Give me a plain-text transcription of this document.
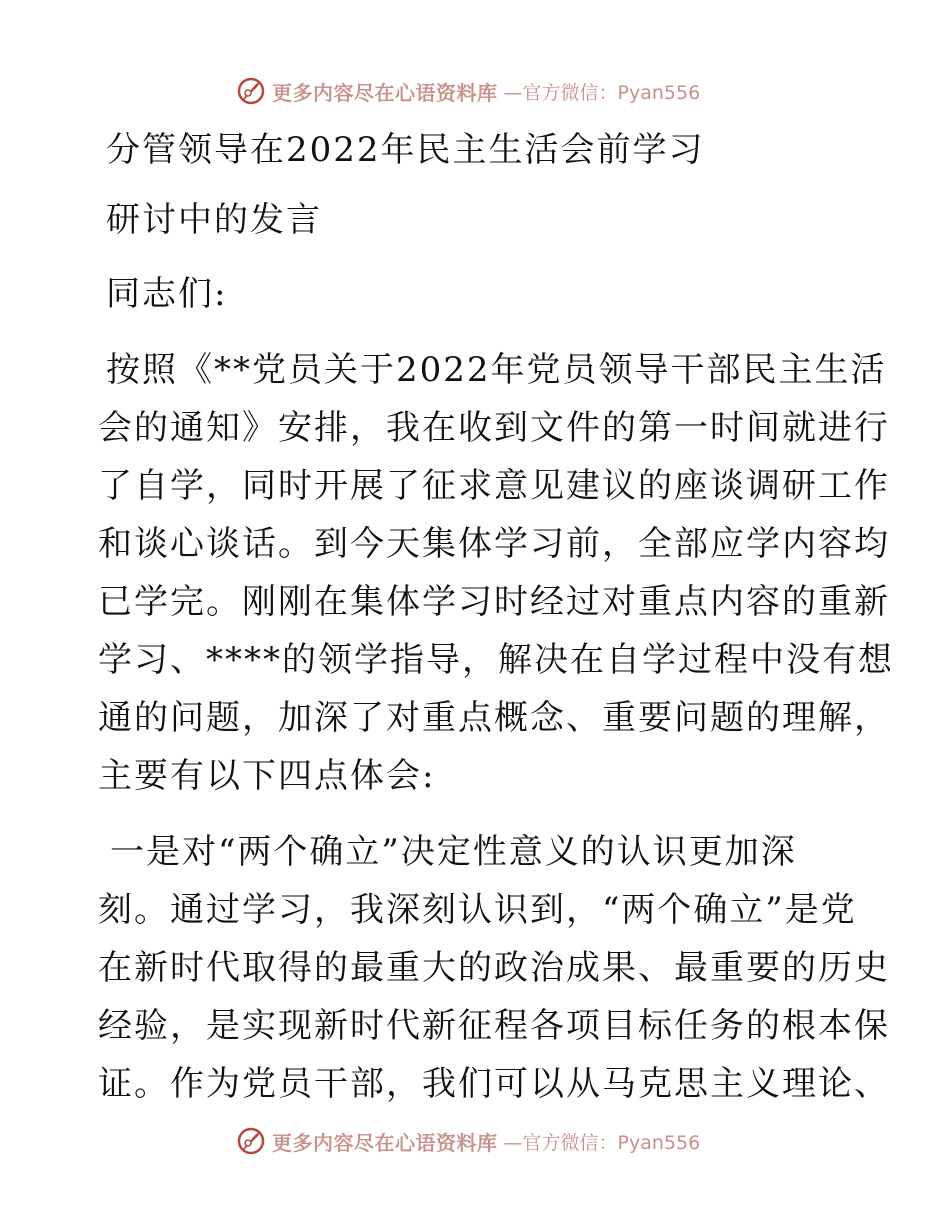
更多内容尽在心语资料库 —官方微信：Pyan556
分管领导在2022年民主生活会前学习
研讨中的发言
同志们:
按照《**党员关于2022年党员领导干部民主生活
会的通知》安排，我在收到文件的第一时间就进行
了自学，同时开展了征求意见建议的座谈调研工作
和谈心谈话。到今天集体学习前，全部应学内容均
已学完。刚刚在集体学习时经过对重点内容的重新
学习、****的领学指导，解决在自学过程中没有想
通的问题，加深了对重点概念、重要问题的理解，
主要有以下四点体会:
一是对“两个确立”决定性意义的认识更加深
刻。通过学习，我深刻认识到，“两个确立”是党
在新时代取得的最重大的政治成果、最重要的历史
经验，是实现新时代新征程各项目标任务的根本保
证。作为党员干部，我们可以从马克思主义理论、
更多内容尽在心语资料库 —官方微信：Pyan556
